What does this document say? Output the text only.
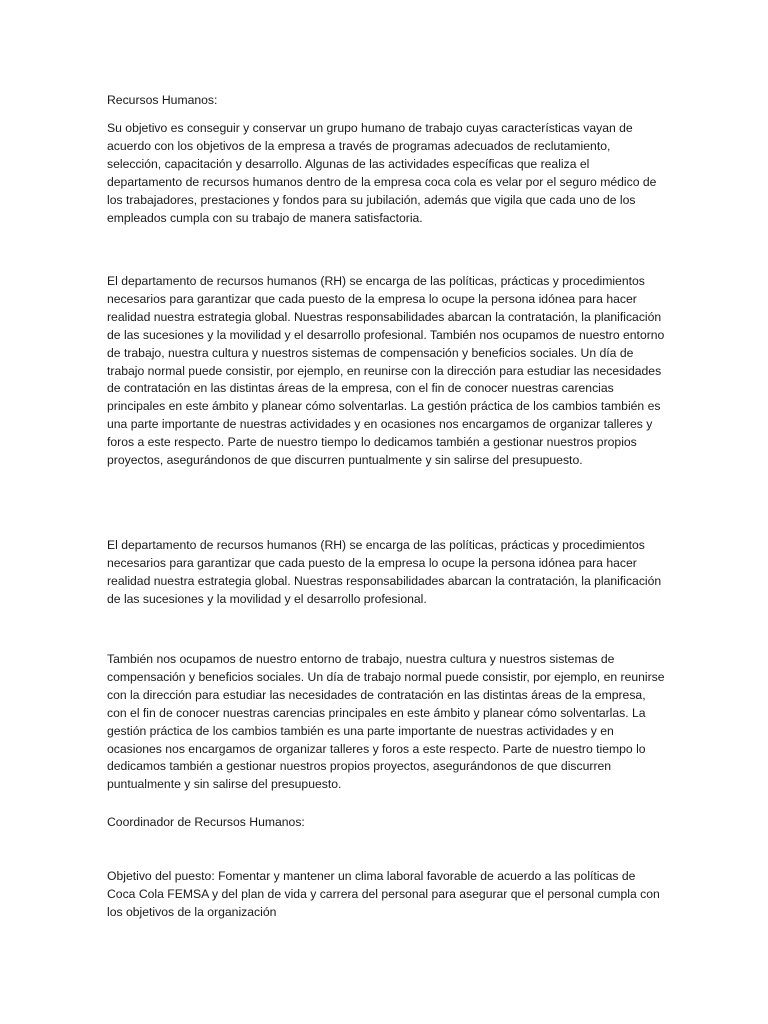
Recursos Humanos:

Su objetivo es conseguir y conservar un grupo humano de trabajo cuyas características vayan de acuerdo con los objetivos de la empresa a través de programas adecuados de reclutamiento, selección, capacitación y desarrollo. Algunas de las actividades específicas que realiza el departamento de recursos humanos dentro de la empresa coca cola es velar por el seguro médico de los trabajadores, prestaciones y fondos para su jubilación, además que vigila que cada uno de los empleados cumpla con su trabajo de manera satisfactoria.

El departamento de recursos humanos (RH) se encarga de las políticas, prácticas y procedimientos necesarios para garantizar que cada puesto de la empresa lo ocupe la persona idónea para hacer realidad nuestra estrategia global. Nuestras responsabilidades abarcan la contratación, la planificación de las sucesiones y la movilidad y el desarrollo profesional. También nos ocupamos de nuestro entorno de trabajo, nuestra cultura y nuestros sistemas de compensación y beneficios sociales. Un día de trabajo normal puede consistir, por ejemplo, en reunirse con la dirección para estudiar las necesidades de contratación en las distintas áreas de la empresa, con el fin de conocer nuestras carencias principales en este ámbito y planear cómo solventarlas. La gestión práctica de los cambios también es una parte importante de nuestras actividades y en ocasiones nos encargamos de organizar talleres y foros a este respecto. Parte de nuestro tiempo lo dedicamos también a gestionar nuestros propios proyectos, asegurándonos de que discurren puntualmente y sin salirse del presupuesto.

El departamento de recursos humanos (RH) se encarga de las políticas, prácticas y procedimientos necesarios para garantizar que cada puesto de la empresa lo ocupe la persona idónea para hacer realidad nuestra estrategia global. Nuestras responsabilidades abarcan la contratación, la planificación de las sucesiones y la movilidad y el desarrollo profesional.

También nos ocupamos de nuestro entorno de trabajo, nuestra cultura y nuestros sistemas de compensación y beneficios sociales. Un día de trabajo normal puede consistir, por ejemplo, en reunirse con la dirección para estudiar las necesidades de contratación en las distintas áreas de la empresa, con el fin de conocer nuestras carencias principales en este ámbito y planear cómo solventarlas. La gestión práctica de los cambios también es una parte importante de nuestras actividades y en ocasiones nos encargamos de organizar talleres y foros a este respecto. Parte de nuestro tiempo lo dedicamos también a gestionar nuestros propios proyectos, asegurándonos de que discurren puntualmente y sin salirse del presupuesto.

Coordinador de Recursos Humanos:

Objetivo del puesto: Fomentar y mantener un clima laboral favorable de acuerdo a las políticas de Coca Cola FEMSA y del plan de vida y carrera del personal para asegurar que el personal cumpla con los objetivos de la organización
